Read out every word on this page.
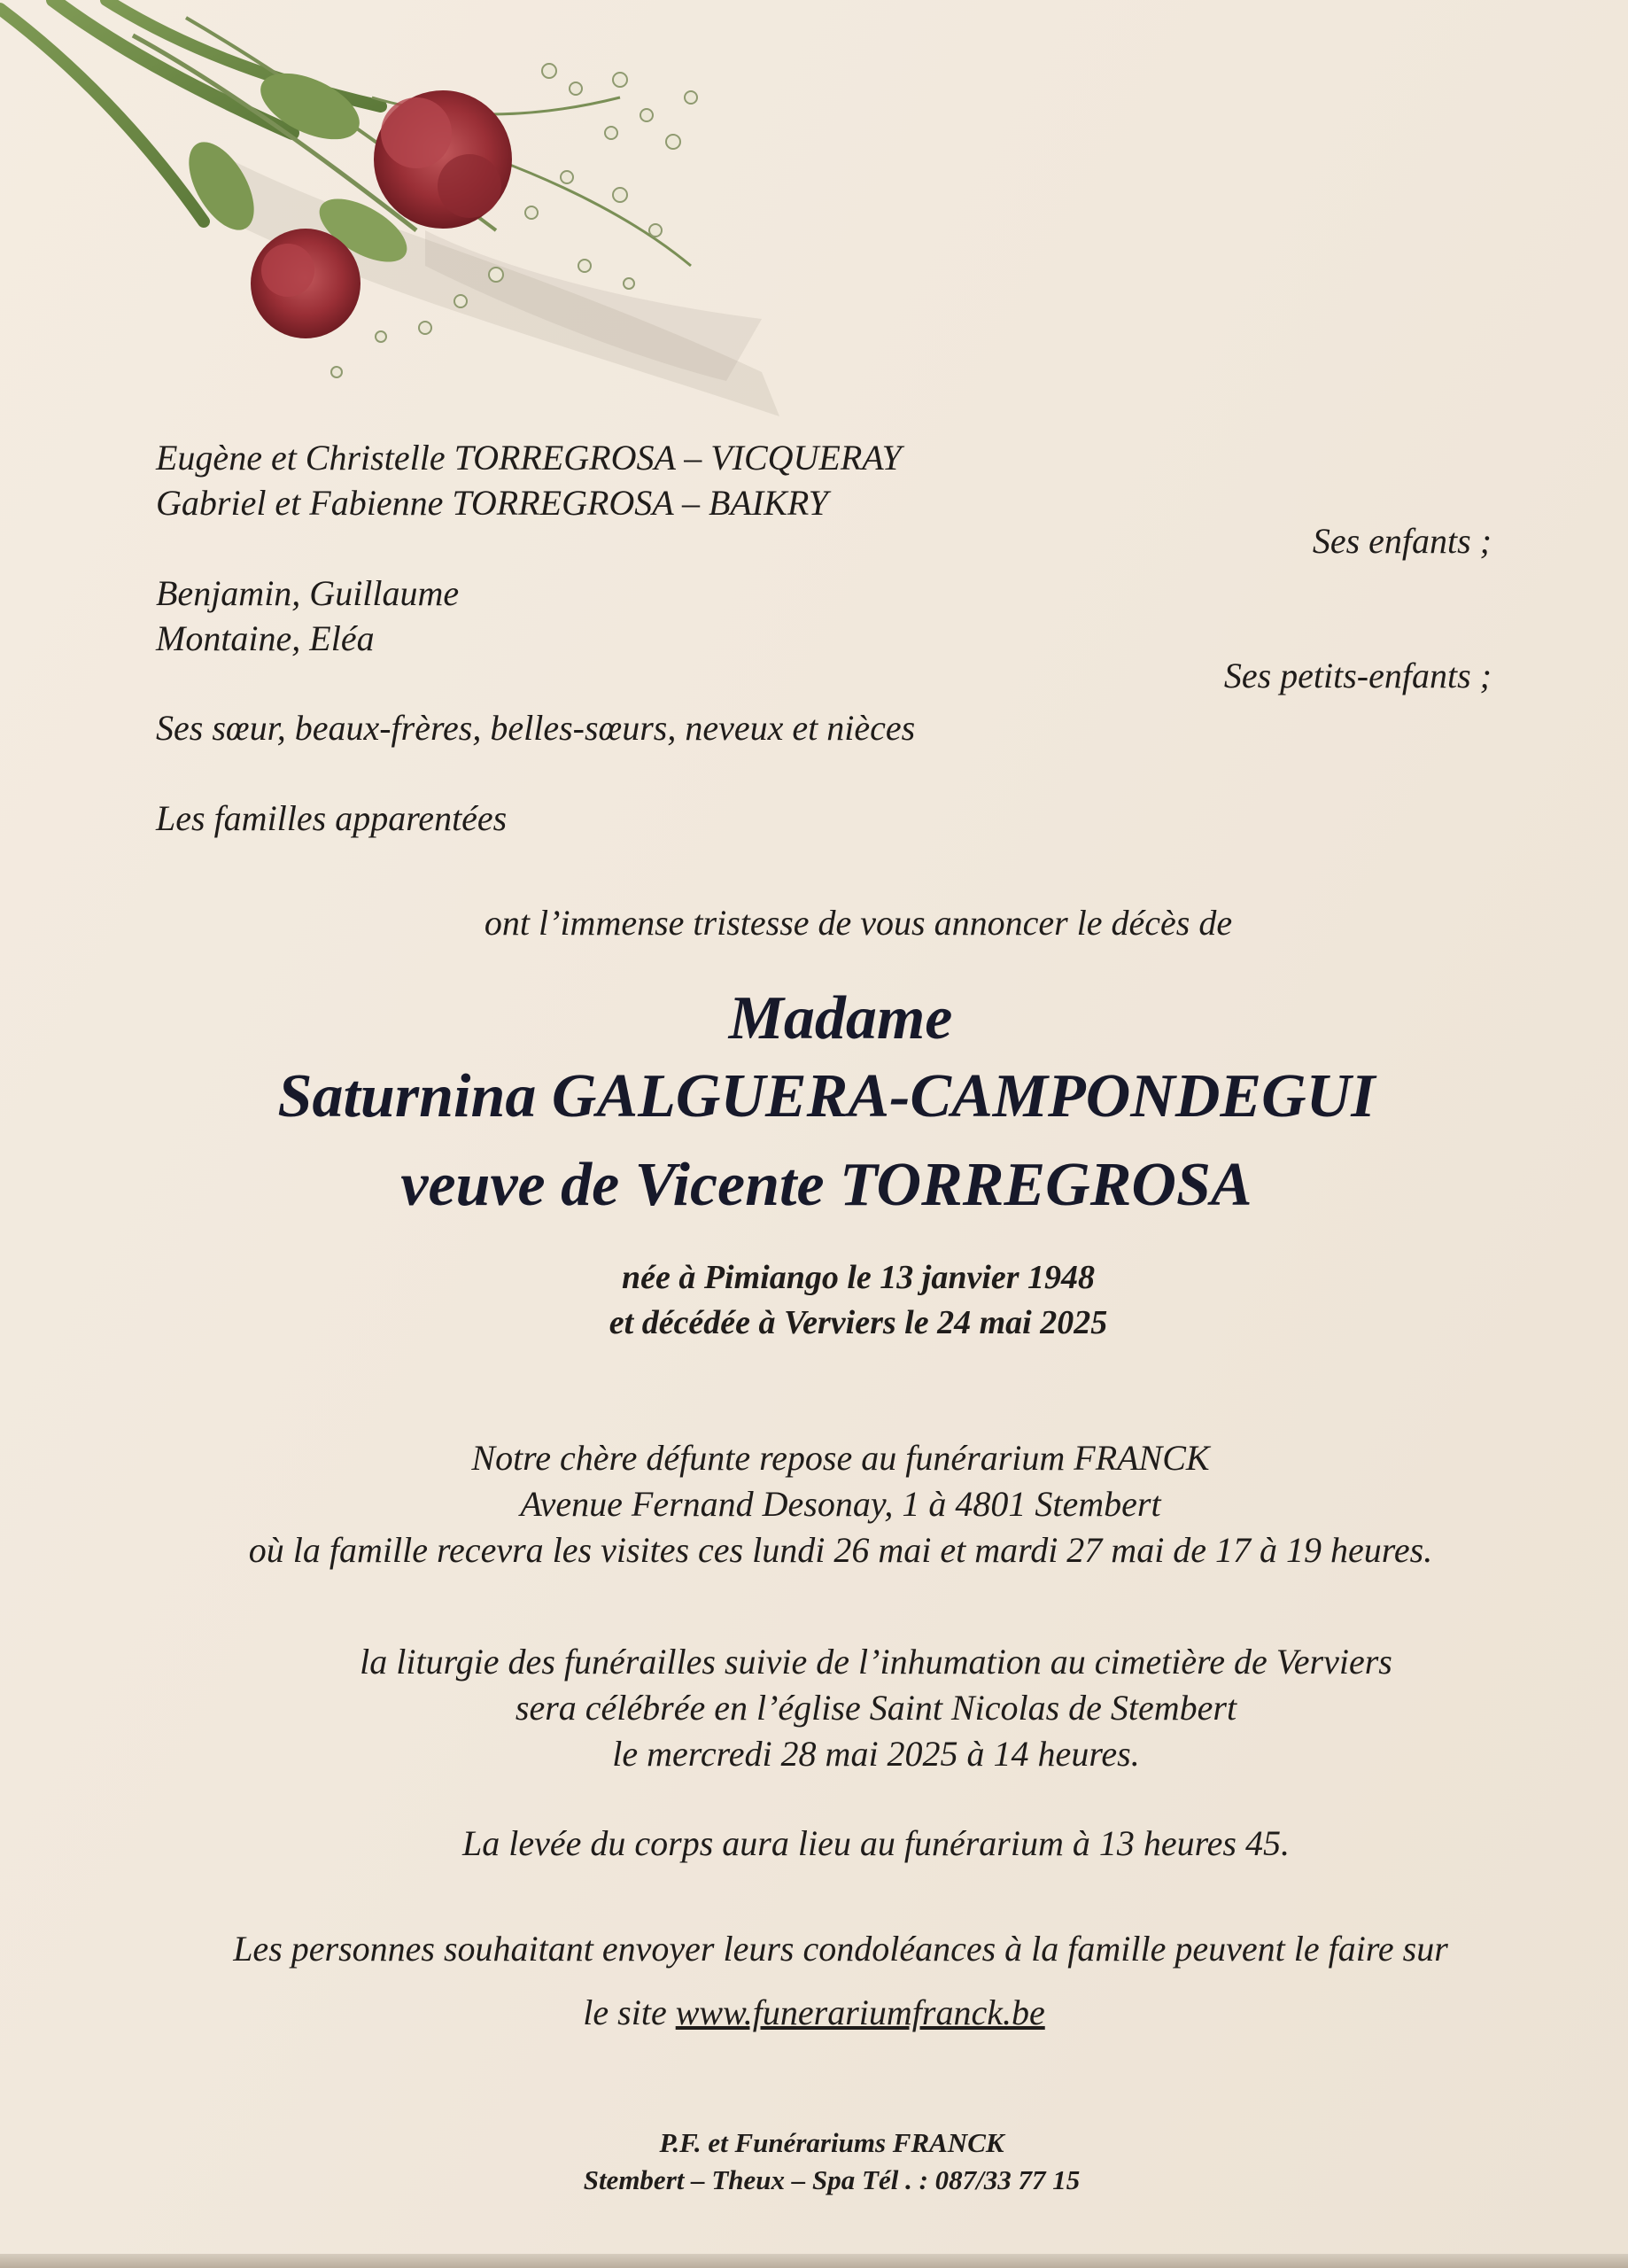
Eugène et Christelle TORREGROSA – VICQUERAY
Gabriel et Fabienne TORREGROSA – BAIKRY
Ses enfants ;
Benjamin, Guillaume
Montaine, Eléa
Ses petits-enfants ;
Ses sœur, beaux-frères, belles-sœurs, neveux et nièces
Les familles apparentées
ont l’immense tristesse de vous annoncer le décès de
Madame
Saturnina GALGUERA-CAMPONDEGUI
veuve de Vicente TORREGROSA
née à Pimiango le 13 janvier 1948
et décédée à Verviers le 24 mai 2025
Notre chère défunte repose au funérarium FRANCK
Avenue Fernand Desonay, 1 à 4801 Stembert
où la famille recevra les visites ces lundi 26 mai et mardi 27 mai de 17 à 19 heures.
la liturgie des funérailles suivie de l’inhumation au cimetière de Verviers
sera célébrée en l’église Saint Nicolas de Stembert
le mercredi 28 mai 2025 à 14 heures.
La levée du corps aura lieu au funérarium à 13 heures 45.
Les personnes souhaitant envoyer leurs condoléances à la famille peuvent le faire sur
le site www.funerariumfranck.be
P.F. et Funérariums FRANCK
Stembert – Theux – Spa Tél . : 087/33 77 15
